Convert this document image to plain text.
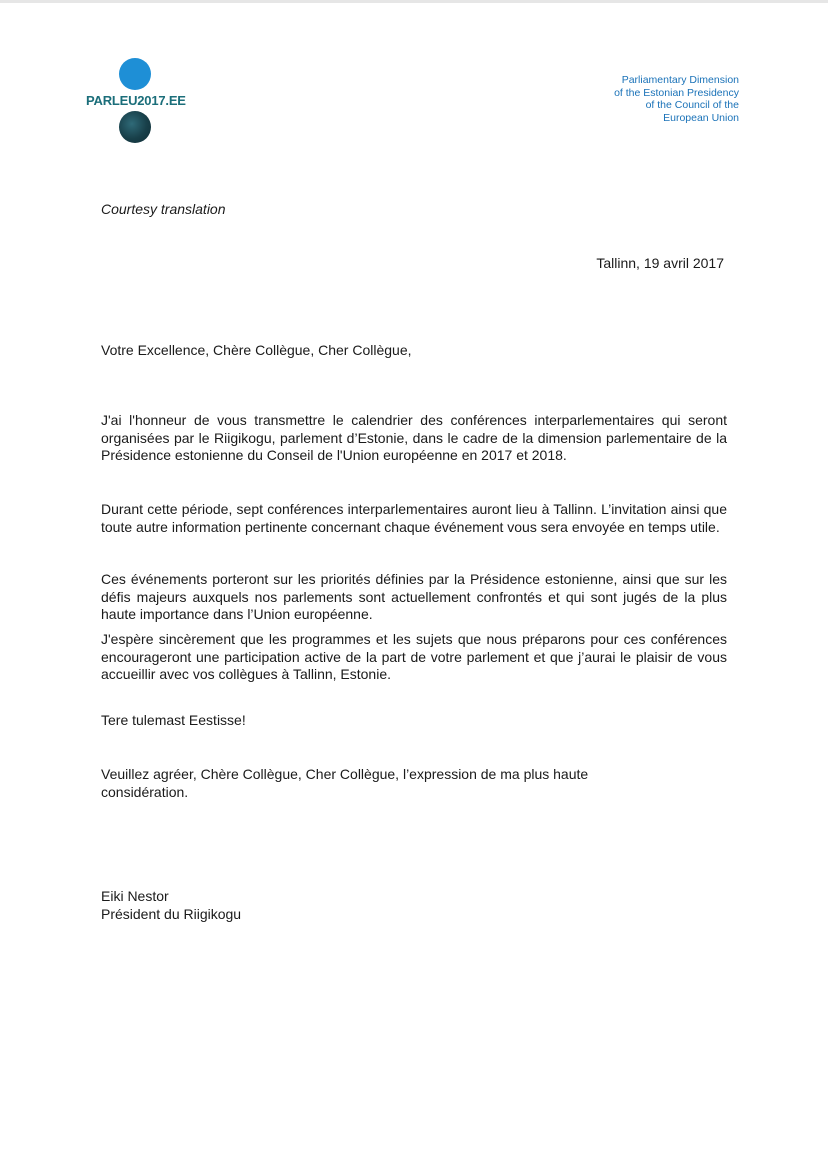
PARLEU2017.EE
Parliamentary Dimension
of the Estonian Presidency
of the Council of the
European Union
Courtesy translation
Tallinn, 19 avril 2017
Votre Excellence, Chère Collègue, Cher Collègue,

J'ai l'honneur de vous transmettre le calendrier des conférences interparlementaires qui seront organisées par le Riigikogu, parlement d’Estonie, dans le cadre de la dimension parlementaire de la Présidence estonienne du Conseil de l'Union européenne en 2017 et 2018.

Durant cette période, sept conférences interparlementaires auront lieu à Tallinn. L’invitation ainsi que toute autre information pertinente concernant chaque événement vous sera envoyée en temps utile.

Ces événements porteront sur les priorités définies par la Présidence estonienne, ainsi que sur les défis majeurs auxquels nos parlements sont actuellement confrontés et qui sont jugés de la plus haute importance dans l’Union européenne.

J'espère sincèrement que les programmes et les sujets que nous préparons pour ces conférences encourageront une participation active de la part de votre parlement et que j’aurai le plaisir de vous accueillir avec vos collègues à Tallinn, Estonie.

Tere tulemast Eestisse!

Veuillez agréer, Chère Collègue, Cher Collègue, l’expression de ma plus haute considération.

Eiki Nestor
Président du Riigikogu
